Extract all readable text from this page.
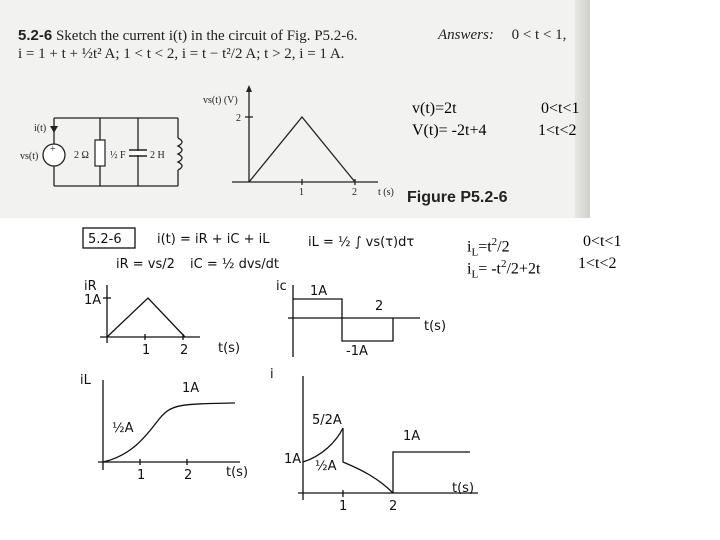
5.2-6 Sketch the current i(t) in the circuit of Fig. P5.2-6.
i = 1 + t + ½t² A; 1 < t < 2, i = t − t²/2 A; t > 2, i = 1 A.
Answers: 0 < t < 1,
+
i(t)
vs(t)	2 Ω ½ F 2 H
vs(t) (V)
2
1	2 t (s) Figure P5.2-6
5.2-6	i(t) = iR + iC + iL
iR = vs/2 iC = ½ dvs/dt
iL = ½ ∫ vs(τ)dτ
iR
1A
1 2 t(s)
ic 1A
-1A
2
t(s)
iL
½A
1A
1	2	t(s)
i
5/2A
1A ½A
1A
1	2
t(s)
v(t)=2t	0<t<1
V(t)= -2t+4	1<t<2
$i_L=t^2/2$	0<t<1
$i_L= -t^2/2+2t$ 1<t<2
